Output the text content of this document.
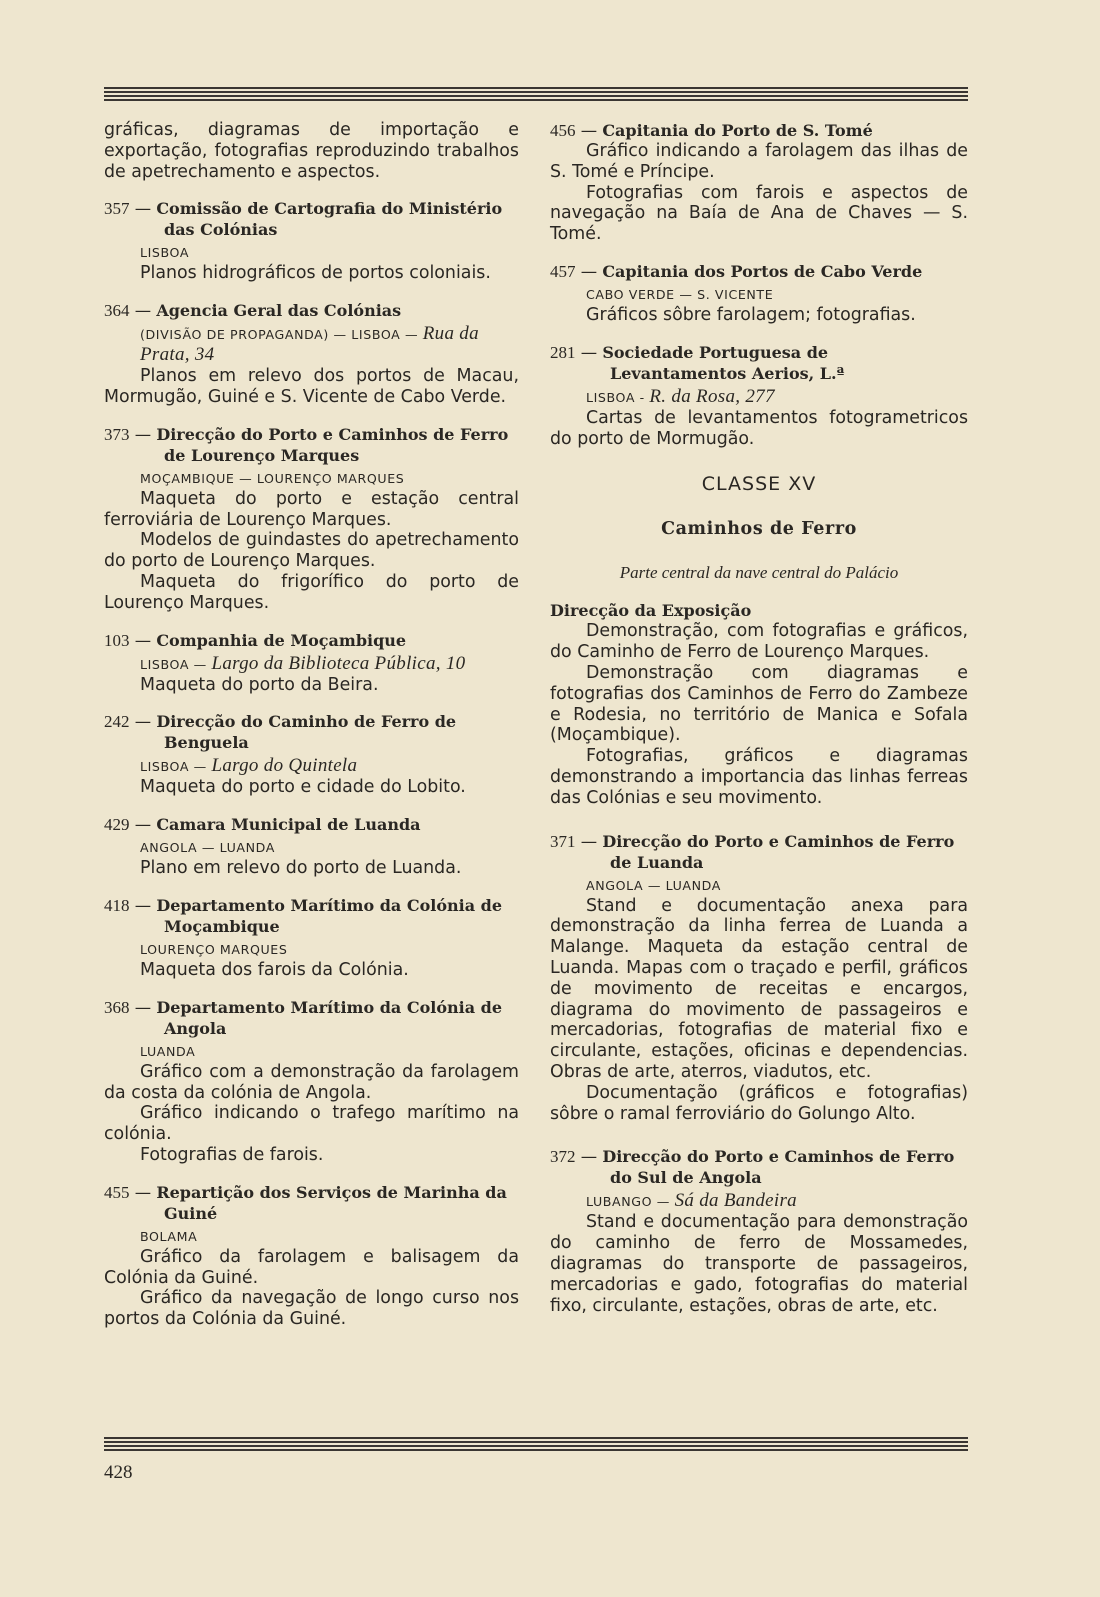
gráficas, diagramas de importação e exportação, fotografias reproduzindo trabalhos de apetrechamento e aspectos.

357 — Comissão de Cartografia do Ministério das Colónias
LISBOA

Planos hidrográficos de portos coloniais.

364 — Agencia Geral das Colónias
(DIVISÃO DE PROPAGANDA) — LISBOA — Rua da Prata, 34

Planos em relevo dos portos de Macau, Mormugão, Guiné e S. Vicente de Cabo Verde.

373 — Direcção do Porto e Caminhos de Ferro de Lourenço Marques
MOÇAMBIQUE — LOURENÇO MARQUES

Maqueta do porto e estação central ferroviária de Lourenço Marques.

Modelos de guindastes do apetrechamento do porto de Lourenço Marques.

Maqueta do frigorífico do porto de Lourenço Marques.

103 — Companhia de Moçambique
LISBOA — Largo da Biblioteca Pública, 10

Maqueta do porto da Beira.

242 — Direcção do Caminho de Ferro de Benguela
LISBOA — Largo do Quintela

Maqueta do porto e cidade do Lobito.

429 — Camara Municipal de Luanda
ANGOLA — LUANDA

Plano em relevo do porto de Luanda.

418 — Departamento Marítimo da Colónia de Moçambique
LOURENÇO MARQUES

Maqueta dos farois da Colónia.

368 — Departamento Marítimo da Colónia de Angola
LUANDA

Gráfico com a demonstração da farolagem da costa da colónia de Angola.

Gráfico indicando o trafego marítimo na colónia.

Fotografias de farois.

455 — Repartição dos Serviços de Marinha da Guiné
BOLAMA

Gráfico da farolagem e balisagem da Colónia da Guiné.

Gráfico da navegação de longo curso nos portos da Colónia da Guiné.

456 — Capitania do Porto de S. Tomé

Gráfico indicando a farolagem das ilhas de S. Tomé e Príncipe.

Fotografias com farois e aspectos de navegação na Baía de Ana de Chaves — S. Tomé.

457 — Capitania dos Portos de Cabo Verde
CABO VERDE — S. VICENTE

Gráficos sôbre farolagem; fotografias.

281 — Sociedade Portuguesa de Levantamentos Aerios, L.ª
LISBOA - R. da Rosa, 277

Cartas de levantamentos fotogrametricos do porto de Mormugão.

CLASSE XV
Caminhos de Ferro
Parte central da nave central do Palácio
Direcção da Exposição

Demonstração, com fotografias e gráficos, do Caminho de Ferro de Lourenço Marques.

Demonstração com diagramas e fotografias dos Caminhos de Ferro do Zambeze e Rodesia, no território de Manica e Sofala (Moçambique).

Fotografias, gráficos e diagramas demonstrando a importancia das linhas ferreas das Colónias e seu movimento.

371 — Direcção do Porto e Caminhos de Ferro de Luanda
ANGOLA — LUANDA

Stand e documentação anexa para demonstração da linha ferrea de Luanda a Malange. Maqueta da estação central de Luanda. Mapas com o traçado e perfil, gráficos de movimento de receitas e encargos, diagrama do movimento de passageiros e mercadorias, fotografias de material fixo e circulante, estações, oficinas e dependencias. Obras de arte, aterros, viadutos, etc.

Documentação (gráficos e fotografias) sôbre o ramal ferroviário do Golungo Alto.

372 — Direcção do Porto e Caminhos de Ferro do Sul de Angola
LUBANGO — Sá da Bandeira

Stand e documentação para demonstração do caminho de ferro de Mossamedes, diagramas do transporte de passageiros, mercadorias e gado, fotografias do material fixo, circulante, estações, obras de arte, etc.

428
